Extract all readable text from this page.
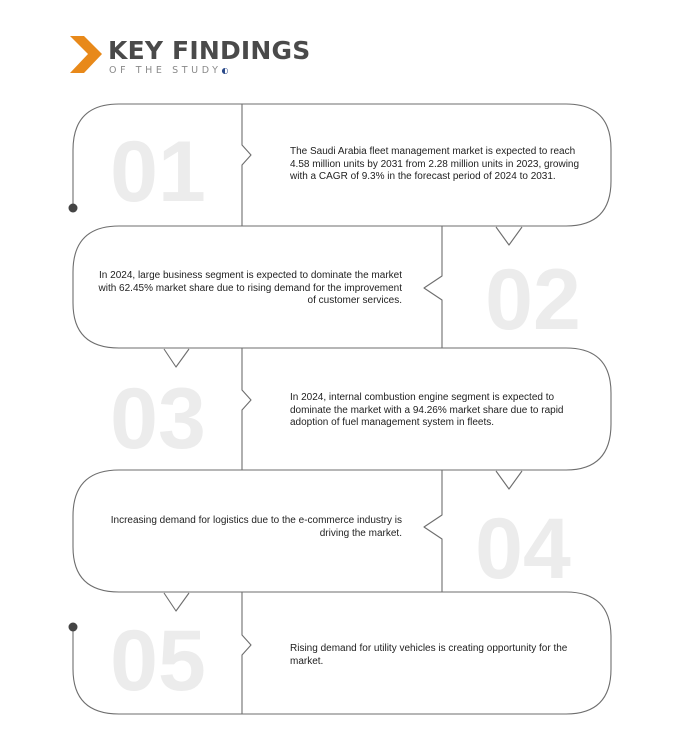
01
02
03
04
05
KEY FINDINGS
OF THE STUDY◐
The Saudi Arabia fleet management market is expected to reach 4.58 million units by 2031 from 2.28 million units in 2023, growing with a CAGR of 9.3% in the forecast period of 2024 to 2031.
In 2024, large business segment is expected to dominate the market with 62.45% market share due to rising demand for the improvement of customer services.
In 2024, internal combustion engine segment is expected to dominate the market with a 94.26% market share due to rapid adoption of fuel management system in fleets.
Increasing demand for logistics due to the e-commerce industry is driving the market.
Rising demand for utility vehicles is creating opportunity for the market.
